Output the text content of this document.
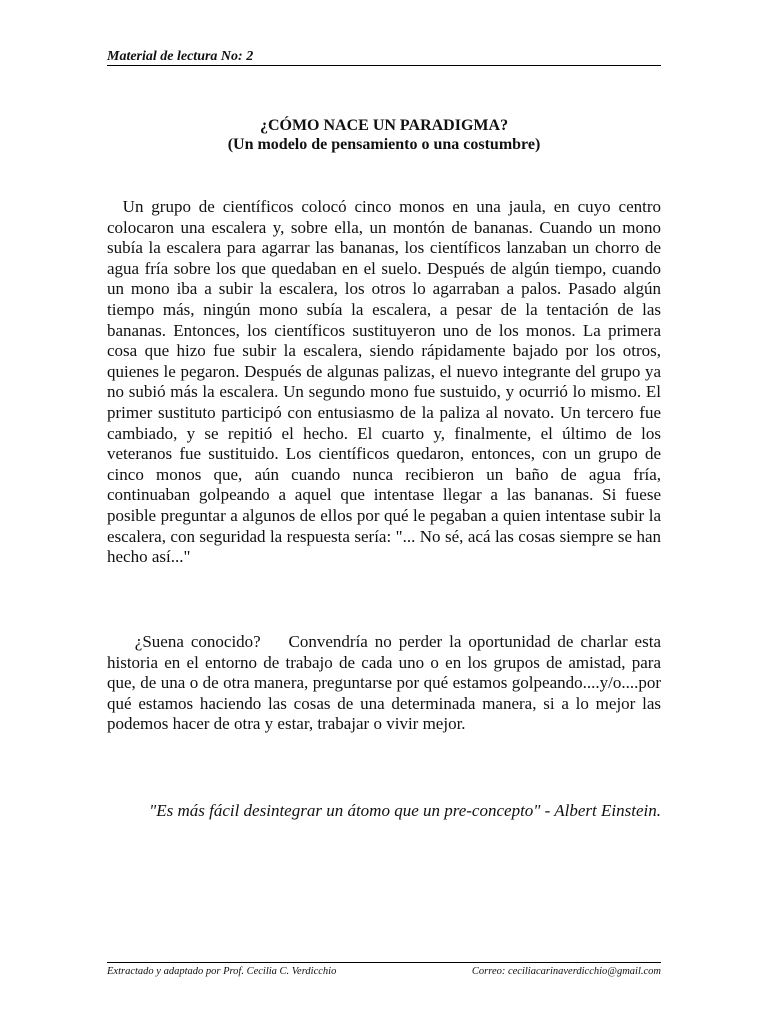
Material de lectura No: 2
¿CÓMO NACE UN PARADIGMA?
(Un modelo de pensamiento o una costumbre)
Un grupo de científicos colocó cinco monos en una jaula, en cuyo centro colocaron una escalera y, sobre ella, un montón de bananas. Cuando un mono subía la escalera para agarrar las bananas, los científicos lanzaban un chorro de agua fría sobre los que quedaban en el suelo. Después de algún tiempo, cuando un mono iba a subir la escalera, los otros lo agarraban a palos. Pasado algún tiempo más, ningún mono subía la escalera, a pesar de la tentación de las bananas. Entonces, los científicos sustituyeron uno de los monos. La primera cosa que hizo fue subir la escalera, siendo rápidamente bajado por los otros, quienes le pegaron. Después de algunas palizas, el nuevo integrante del grupo ya no subió más la escalera. Un segundo mono fue sustuido, y ocurrió lo mismo. El primer sustituto participó con entusiasmo de la paliza al novato. Un tercero fue cambiado, y se repitió el hecho. El cuarto y, finalmente, el último de los veteranos fue sustituido. Los científicos quedaron, entonces, con un grupo de cinco monos que, aún cuando nunca recibieron un baño de agua fría, continuaban golpeando a aquel que intentase llegar a las bananas. Si fuese posible preguntar a algunos de ellos por qué le pegaban a quien intentase subir la escalera, con seguridad la respuesta sería: "... No sé, acá las cosas siempre se han hecho así..."
¿Suena conocido?    Convendría no perder la oportunidad de charlar esta historia en el entorno de trabajo de cada uno o en los grupos de amistad, para que, de una o de otra manera, preguntarse por qué estamos golpeando....y/o....por qué estamos haciendo las cosas de una determinada manera, si a lo mejor las podemos hacer de otra y estar, trabajar o vivir mejor.
"Es más fácil desintegrar un átomo que un pre-concepto" - Albert Einstein.
Extractado y adaptado por Prof. Cecilia C. Verdicchio	Correo: ceciliacarinaverdicchio@gmail.com
